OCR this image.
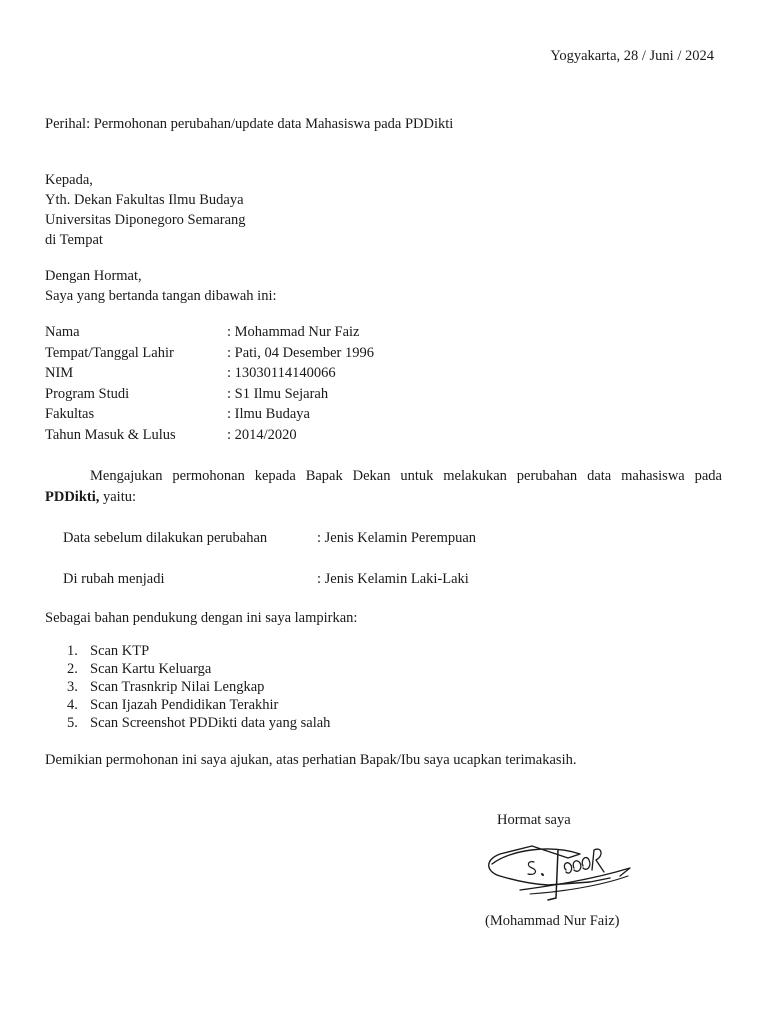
Yogyakarta, 28 / Juni / 2024
Perihal: Permohonan perubahan/update data Mahasiswa pada PDDikti
Kepada,
Yth. Dekan Fakultas Ilmu Budaya
Universitas Diponegoro Semarang
di Tempat
Dengan Hormat,
Saya yang bertanda tangan dibawah ini:
Nama	: Mohammad Nur Faiz
Tempat/Tanggal Lahir	: Pati, 04 Desember 1996
NIM	: 13030114140066
Program Studi	: S1 Ilmu Sejarah
Fakultas	: Ilmu Budaya
Tahun Masuk & Lulus	: 2014/2020
Mengajukan permohonan kepada Bapak Dekan untuk melakukan perubahan data mahasiswa pada
PDDikti, yaitu:
Data sebelum dilakukan perubahan	: Jenis Kelamin Perempuan
Di rubah menjadi	: Jenis Kelamin Laki-Laki
Sebagai bahan pendukung dengan ini saya lampirkan:
1. Scan KTP
2. Scan Kartu Keluarga
3. Scan Trasnkrip Nilai Lengkap
4. Scan Ijazah Pendidikan Terakhir
5. Scan Screenshot PDDikti data yang salah
Demikian permohonan ini saya ajukan, atas perhatian Bapak/Ibu saya ucapkan terimakasih.
Hormat saya
(Mohammad Nur Faiz)
